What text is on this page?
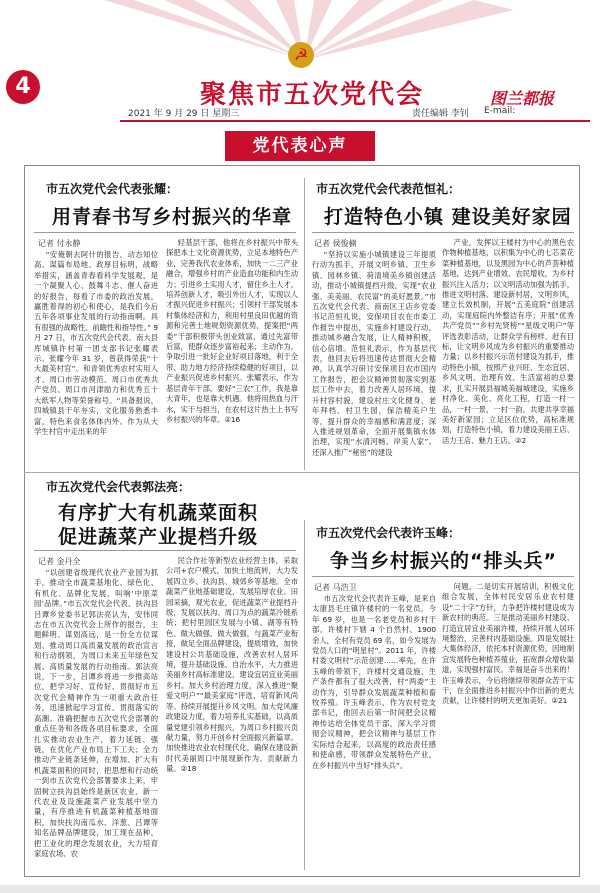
4
☭
聚焦市五次党代会	图兰都报
2021 年 9 月 29 日 星期三	责任编辑 李钊 E-mail:
党代表心声
市五次党代会代表张耀：
用青春书写乡村振兴的华章
记者 付永静

“安俺朝去阿什的报告，动态知位高、谋篇布局地、政厚目标明，战略举措实，涵盖青春看科学发展观，是一个凝聚人心、鼓舞斗志、催人奋进的好报告，每看了市委的政治发展，赢胜着得的初心和使心，是我们今后五年各项事业发展的行动指南啊。具有很强的战略性、前瞻性和指导性。” 9 月 27 日，市五次党代会代表、南大县库城镇许村第一团支部书记张耀表示。张耀今年 31 岁，曾获得荣获“十大最美村官”、和青领优秀农村实用人才、周口市劳动模范、周口市优秀共产党员、周口市河津励力和优秀五十大纸军人物等荣誉称号。“具备报说，四城镇县干年夯实，文化服务熟悉丰富，特色来食名体体内外。作为从大学生村官中走出来的年

轻基层干部，他将在乡村振兴中带头探把本土文化资源优势，立足本地特色产业，完善我代农业体系，加快一二三产业融合，增强乡村的产业造血功能和内生动力；引进乡土实用人才，留住乡土人才，培养创新人才，吸引外出人才，实现以人才振兴促进乡村振兴；引领村干部发展本村集体经济和力，利用村里良田优越的资源和完善土地规划资源优势，提案把“两委”干部积极带头创业致富，通过先富带后富，使群众逐步富裕起来；主动作为，争取引进一批好企业好项目落地，利于全带、助力地方经济持续稳健的好项目，以产业振兴促进乡村振兴。张耀表示，作为基层青年干部，要好“三农”工作，我是靠大青年，也是靠大机遇。他将用热血与汗水，实干与担当，在农村这片热土上书写乡村振兴的华章。②16

市五次党代会代表范恒礼：
打造特色小镇 建设美好家园
记者 侯俊楠

“坚持以实施小城镇建设三年提质行动为抓手，开展文明乡镇、卫生乡镇、园林乡镇、荷清境美乡镇创建活动，推动小城镇提档升级，实现“农业强、美美丽、农民富”的美好愿景。”市五次党代会代表、商南区王店乡党委书记范恒礼说，安保项目农在市委工作报告中提出，实施乡村建设行动，推动城乡融合发展，让人精神积极，信心倍增。范恒礼表示，作为基层代表，他回去后将迅速传达贯彻大会精神，认真学习研讨安保项目农市国内工作报告，把会议精神贯彻落实到基层工作中去，着力改善人居环境，提升村容村貌，建设村庄文化健身、老年拜档、村卫生园，保洁精美户生等，提升群众的幸福感和满意度；深入推进规划革命，全面开展集镇水体治理，实现“水清河畅、岸美人家”。还深入推广“秘密”的建设

产业，发挥以王楼村为中心的黑色农作物种植基地，以积集为中心的七芯菜花菜种植基地，以及黑园为中心的芦荟种植基地，达到产业增效、农民增收，为乡村振兴注入活力；以文明活动加强为抓手，推进文明村落、建设新村居，文明乡风，建立长效机制，开展“五美庭院”创建活动，实现庭院内外整洁有序；开展“优秀共产党员”“乡村先贤榜”“星级文明户”等评选表彰活动，让群众学有榜样、赶有目标，让文明乡风成为乡村振兴的重要推动力量；以乡村振兴示范村建设为抓手，推动特色小镇，按照产业兴旺、生态宜居、乡风文明、治理有效、生活富裕的总要求，扎实开展县福城美福城建设，实施乡村净化、美化、亮化工程，打造一村一品，一村一景，一村一韵，共建共享幸福美好新家园；立足区位优势，高标准规划，打造特色小镇，着力建设美丽王店、活力王店、魅力王店。②2

市五次党代会代表郭法亮：
有序扩大有机蔬菜面积
促进蔬菜产业提档升级
记者 金丹全

“以创建省级现代农业产业园为抓手，推动全市蔬菜基地化、绿色化、有机化、品牌化发展，叫响‘中原菜园’品牌。”市五次党代会代表、扶沟县吕谭乡党委书记郭法亮认为，安伟同志在市五次党代会上所作的报告，主题鲜明、谋划高远，是一份全方位谋划、推动周口高质量发展的政治宣言和行动纲领，为周口未来五年绿色发展、高质量发展的行动指南。郭法亮说，下一步，吕谭乡将进一步推高站位，把学习好、宣传好、贯彻好市五次党代会精神作为一项重大政治任务，迅速掀起学习宣传、贯彻落实的高潮。准确把握市五次党代会部署的重点任务和各级各项目标要求，全面扎实推动农业生产，着力延链、强链，在优化产业布局上下工夫；全力推动产业链条延伸，在增加、扩大有机蔬菜面积的同时，把思想和行动统一到市五次党代会部署要求上来，牢固树立扶沟县始终是新区农业、新一代农业及设施蔬菜产业发展中坚力量，有序推进有机蔬菜种植基地面积，加快扶沟南瓜水、洋葱、吕谭等知名品牌品牌建设，加工现在品种，把工业化的理念发展农业，大力培育家庭农场、农

民合作社等新型农业经营主体，采取公司+农户模式，加快土地流转，大力发展四立乡、扶沟县、城郊乡等基地。全市蔬菜产业地基础建设，发展培厚农业、田园采摘，观光农业，促进蔬菜产业提档升级，发展以扶沟、周口为点的蔬菜冷链系统；把村里园区发展与小镇、湖等有特色、做大做强、做大做强，与蔬菜产业衔接，做足全面品牌建设，提质增效，加快建设村公共基础设施，改善农村人居环境，提升基础设施、自治水平，大力推进美丽乡村高标准建设，建设宜居宜业美丽乡村。加大乡村治理力度，深入推进“聚爱文明户”“最美家庭”评选，培育新风尚等。持续开展提升乡风文明。加大党风廉政建设力度，着力培养扎实基础，以高质量党建引领乡村振兴，为周口乡村振兴贡献力量，努力开创乡村全面振兴新篇章。加快推进农业农村现代化，确保在建设新时代美丽周口中展现新作为、贡献新力量。②18

市五次党代会代表许玉峰：
争当乡村振兴的“排头兵”
记者 马浩卫

市五次党代会代表许玉峰，是来自太康县毛庄镇许楼村的一名党员，今年 69 岁，也是一名老党员和乡村干部。许楼村下辖 4 个自然村、1900 余人，全村有党员 69 名，如今发展为党员人口的“明星村”。2011 年，许楼村委文明村”示范创建……率先，在许玉峰的带领下，许楼村交通设施、生产条件都有了很大改善，村“两委”主动作为，引导群众发展蔬菜种植和畜牧养殖。许玉峰表示，作为农村党支部书记，他回去后第一时间把会议精神传达给全体党员干部，深入学习贯彻会议精神，把会议精神与基层工作实际结合起来，以高度的政治责任感和使命感，带领群众发展特色产业，在乡村振兴中当好“排头兵”。

问题。二是切实开展培训，积极文化组合发展，全体村民安居乐业农村建设“二十字”方针，力争把许楼村建设成为新农村的典范。三是推动美丽乡村建设、打造宜居宜业美丽许楼，持续开展人居环境整治，完善村内基础设施。四是发展壮大集体经济，依托本村资源优势，因地制宜发展特色种植养殖业，拓宽群众增收渠道，实现强村富民。幸福是奋斗出来的！许玉峰表示，今后将继续带领群众苦干实干，在全面推进乡村振兴中作出新的更大贡献，让许楼村的明天更加美好。②21
